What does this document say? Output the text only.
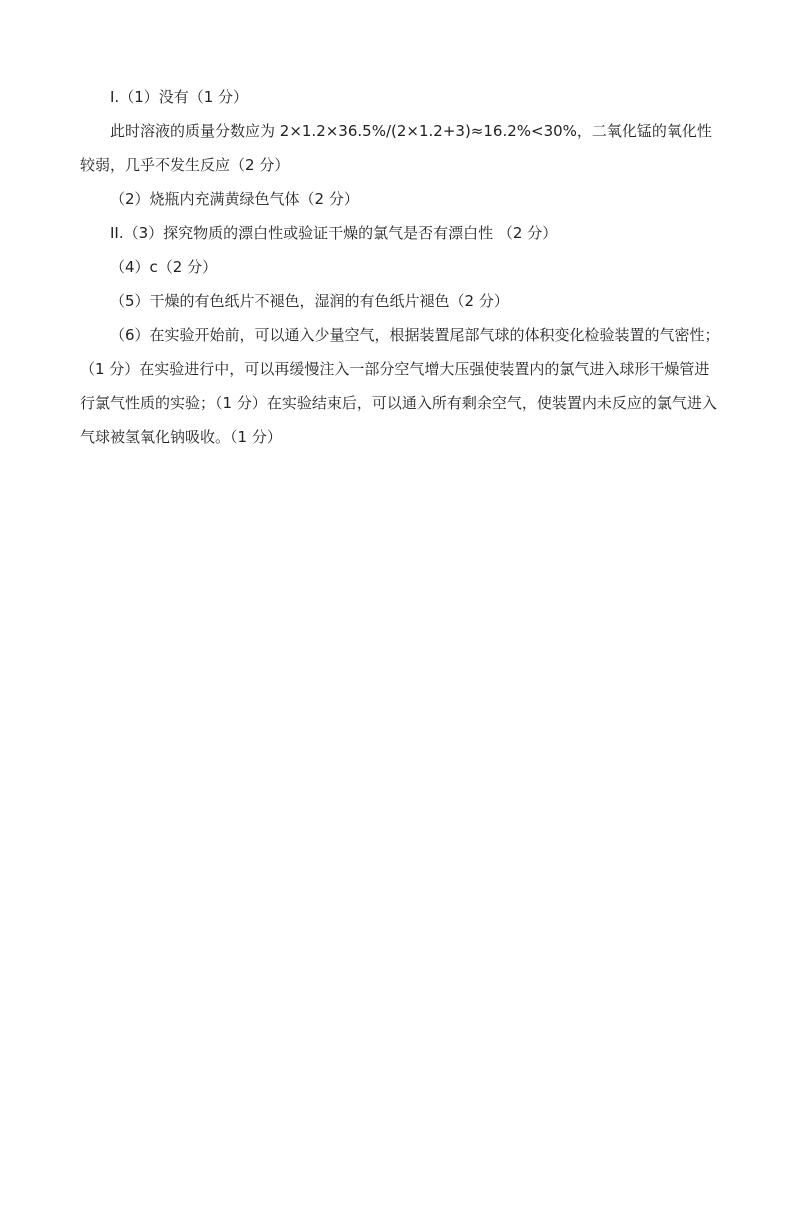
I.（1）没有（1 分）

此时溶液的质量分数应为 2×1.2×36.5%/(2×1.2+3)≈16.2%<30%，二氧化锰的氧化性较弱，几乎不发生反应（2 分）

（2）烧瓶内充满黄绿色气体（2 分）

II.（3）探究物质的漂白性或验证干燥的氯气是否有漂白性 （2 分）

（4）c（2 分）

（5）干燥的有色纸片不褪色，湿润的有色纸片褪色（2 分）

（6）在实验开始前，可以通入少量空气，根据装置尾部气球的体积变化检验装置的气密性；（1 分）在实验进行中，可以再缓慢注入一部分空气增大压强使装置内的氯气进入球形干燥管进行氯气性质的实验；（1 分）在实验结束后，可以通入所有剩余空气，使装置内未反应的氯气进入气球被氢氧化钠吸收。（1 分）
